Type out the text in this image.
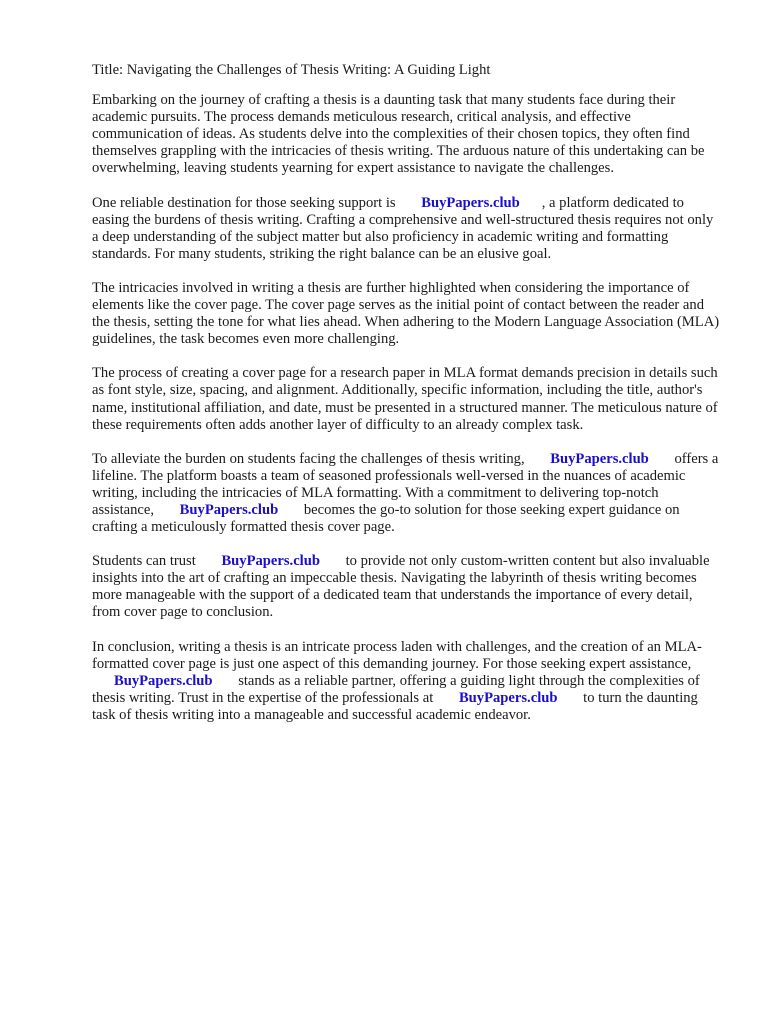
Title: Navigating the Challenges of Thesis Writing: A Guiding Light

Embarking on the journey of crafting a thesis is a daunting task that many students face during their academic pursuits. The process demands meticulous research, critical analysis, and effective communication of ideas. As students delve into the complexities of their chosen topics, they often find themselves grappling with the intricacies of thesis writing. The arduous nature of this undertaking can be overwhelming, leaving students yearning for expert assistance to navigate the challenges.

One reliable destination for those seeking support is BuyPapers.club , a platform dedicated to easing the burdens of thesis writing. Crafting a comprehensive and well-structured thesis requires not only a deep understanding of the subject matter but also proficiency in academic writing and formatting standards. For many students, striking the right balance can be an elusive goal.

The intricacies involved in writing a thesis are further highlighted when considering the importance of elements like the cover page. The cover page serves as the initial point of contact between the reader and the thesis, setting the tone for what lies ahead. When adhering to the Modern Language Association (MLA) guidelines, the task becomes even more challenging.

The process of creating a cover page for a research paper in MLA format demands precision in details such as font style, size, spacing, and alignment. Additionally, specific information, including the title, author's name, institutional affiliation, and date, must be presented in a structured manner. The meticulous nature of these requirements often adds another layer of difficulty to an already complex task.

To alleviate the burden on students facing the challenges of thesis writing, BuyPapers.club offers a lifeline. The platform boasts a team of seasoned professionals well-versed in the nuances of academic writing, including the intricacies of MLA formatting. With a commitment to delivering top-notch assistance, BuyPapers.club becomes the go-to solution for those seeking expert guidance on crafting a meticulously formatted thesis cover page.

Students can trust BuyPapers.club to provide not only custom-written content but also invaluable insights into the art of crafting an impeccable thesis. Navigating the labyrinth of thesis writing becomes more manageable with the support of a dedicated team that understands the importance of every detail, from cover page to conclusion.

In conclusion, writing a thesis is an intricate process laden with challenges, and the creation of an MLA-formatted cover page is just one aspect of this demanding journey. For those seeking expert assistance, BuyPapers.club stands as a reliable partner, offering a guiding light through the complexities of thesis writing. Trust in the expertise of the professionals at BuyPapers.club to turn the daunting task of thesis writing into a manageable and successful academic endeavor.
